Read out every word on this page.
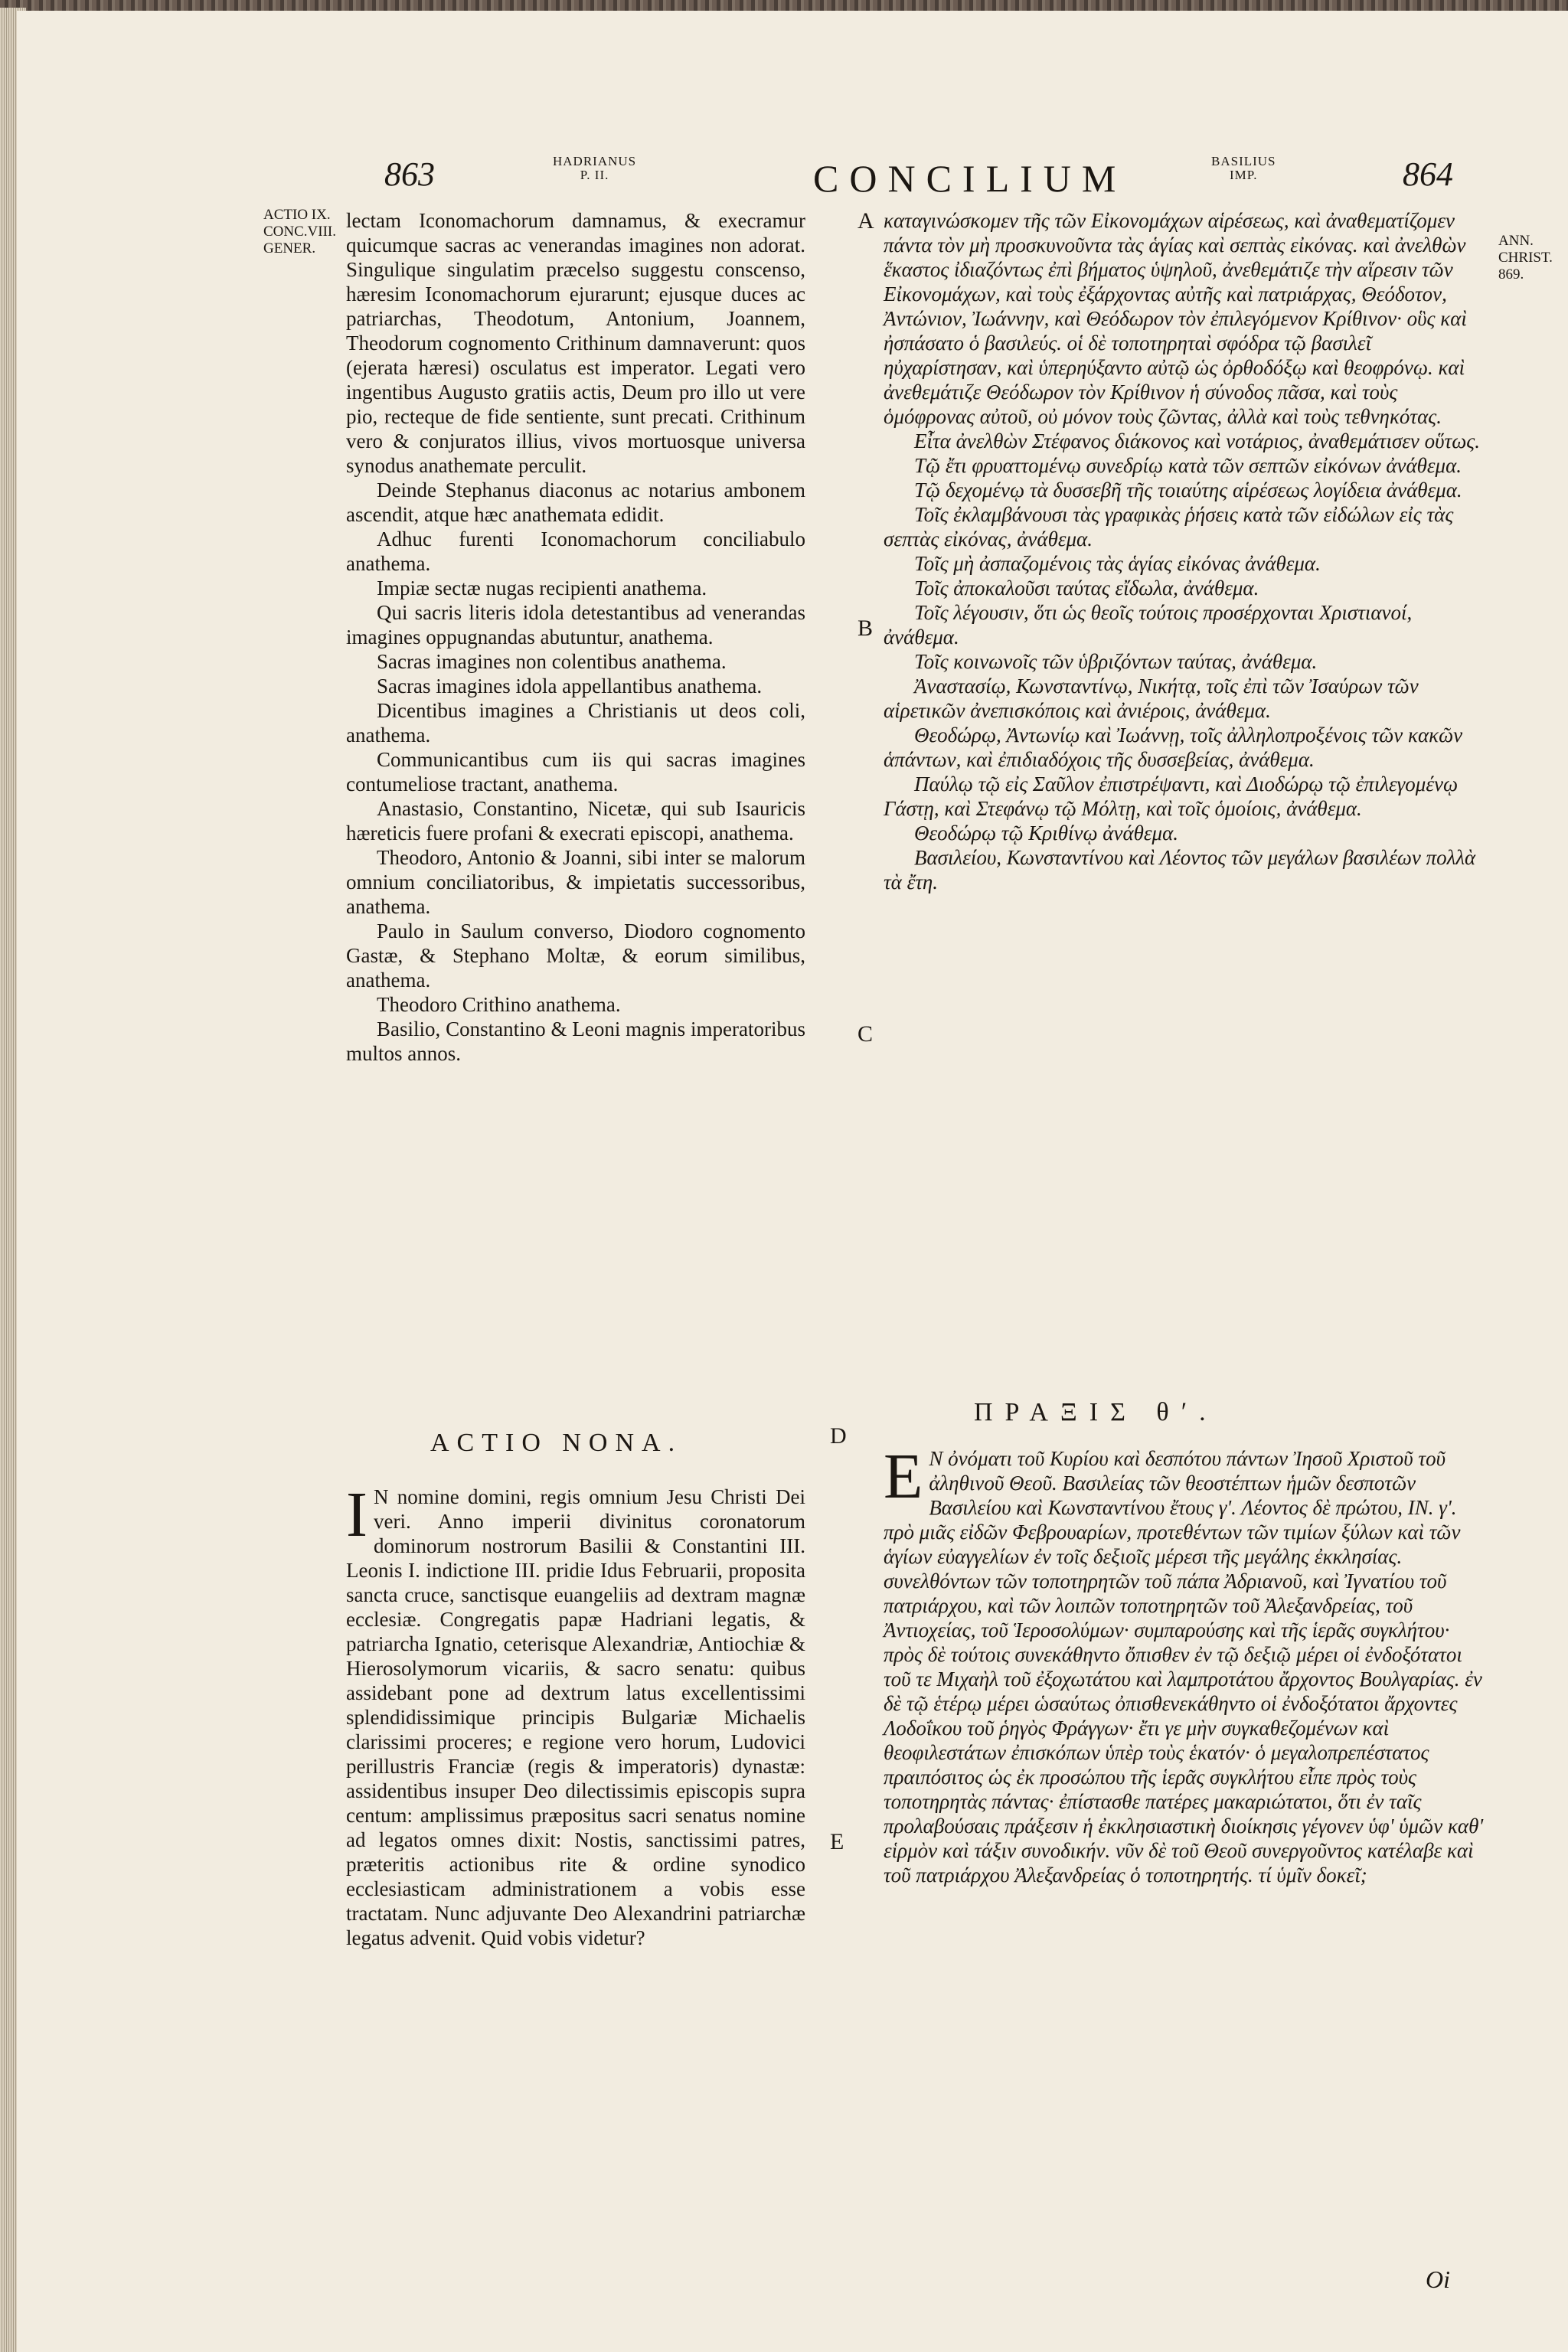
863	HADRIANUS
P. II.	CONCILIUM	BASILIUS
IMP.	864
ACTIO IX.
CONC.VIII.
GENER.	ANN.
CHRIST.
869.

lectam Iconomachorum damnamus, & execramur quicumque sacras ac venerandas imagines non adorat. Singulique singulatim præcelso suggestu conscenso, hæresim Iconomachorum ejurarunt; ejusque duces ac patriarchas, Theodotum, Antonium, Joannem, Theodorum cognomento Crithinum damnaverunt: quos (ejerata hæresi) osculatus est imperator. Legati vero ingentibus Augusto gratiis actis, Deum pro illo ut vere pio, recteque de fide sentiente, sunt precati. Crithinum vero & conjuratos illius, vivos mortuosque universa synodus anathemate perculit.

Deinde Stephanus diaconus ac notarius ambonem ascendit, atque hæc anathemata edidit.

Adhuc furenti Iconomachorum conciliabulo anathema.

Impiæ sectæ nugas recipienti anathema.

Qui sacris literis idola detestantibus ad venerandas imagines oppugnandas abutuntur, anathema.

Sacras imagines non colentibus anathema.

Sacras imagines idola appellantibus anathema.

Dicentibus imagines a Christianis ut deos coli, anathema.

Communicantibus cum iis qui sacras imagines contumeliose tractant, anathema.

Anastasio, Constantino, Nicetæ, qui sub Isauricis hæreticis fuere profani & execrati episcopi, anathema.

Theodoro, Antonio & Joanni, sibi inter se malorum omnium conciliatoribus, & impietatis successoribus, anathema.

Paulo in Saulum converso, Diodoro cognomento Gastæ, & Stephano Moltæ, & eorum similibus, anathema.

Theodoro Crithino anathema.

Basilio, Constantino & Leoni magnis imperatoribus multos annos.

καταγινώσκομεν τῆς τῶν Εἰκονομάχων αἱρέσεως, καὶ ἀναθεματίζομεν πάντα τὸν μὴ προσκυνοῦντα τὰς ἁγίας καὶ σεπτὰς εἰκόνας. καὶ ἀνελθὼν ἕκαστος ἰδιαζόντως ἐπὶ βήματος ὑψηλοῦ, ἀνεθεμάτιζε τὴν αἵρεσιν τῶν Εἰκονομάχων, καὶ τοὺς ἐξάρχοντας αὐτῆς καὶ πατριάρχας, Θεόδοτον, Ἀντώνιον, Ἰωάννην, καὶ Θεόδωρον τὸν ἐπιλεγόμενον Κρίθινον· οὓς καὶ ἠσπάσατο ὁ βασιλεύς. οἱ δὲ τοποτηρηταὶ σφόδρα τῷ βασιλεῖ ηὐχαρίστησαν, καὶ ὑπερηύξαντο αὐτῷ ὡς ὀρθοδόξῳ καὶ θεοφρόνῳ. καὶ ἀνεθεμάτιζε Θεόδωρον τὸν Κρίθινον ἡ σύνοδος πᾶσα, καὶ τοὺς ὁμόφρονας αὐτοῦ, οὐ μόνον τοὺς ζῶντας, ἀλλὰ καὶ τοὺς τεθνηκότας.

Εἶτα ἀνελθὼν Στέφανος διάκονος καὶ νοτάριος, ἀναθεμάτισεν οὕτως.

Τῷ ἔτι φρυαττομένῳ συνεδρίῳ κατὰ τῶν σεπτῶν εἰκόνων ἀνάθεμα.

Τῷ δεχομένῳ τὰ δυσσεβῆ τῆς τοιαύτης αἱρέσεως λογίδεια ἀνάθεμα.

Τοῖς ἐκλαμβάνουσι τὰς γραφικὰς ῥήσεις κατὰ τῶν εἰδώλων εἰς τὰς σεπτὰς εἰκόνας, ἀνάθεμα.

Τοῖς μὴ ἀσπαζομένοις τὰς ἁγίας εἰκόνας ἀνάθεμα.

Τοῖς ἀποκαλοῦσι ταύτας εἴδωλα, ἀνάθεμα.

Τοῖς λέγουσιν, ὅτι ὡς θεοῖς τούτοις προσέρχονται Χριστιανοί, ἀνάθεμα.

Τοῖς κοινωνοῖς τῶν ὑβριζόντων ταύτας, ἀνάθεμα.

Ἀναστασίῳ, Κωνσταντίνῳ, Νικήτᾳ, τοῖς ἐπὶ τῶν Ἰσαύρων τῶν αἱρετικῶν ἀνεπισκόποις καὶ ἀνιέροις, ἀνάθεμα.

Θεοδώρῳ, Ἀντωνίῳ καὶ Ἰωάννῃ, τοῖς ἀλληλοπροξένοις τῶν κακῶν ἁπάντων, καὶ ἐπιδιαδόχοις τῆς δυσσεβείας, ἀνάθεμα.

Παύλῳ τῷ εἰς Σαῦλον ἐπιστρέψαντι, καὶ Διοδώρῳ τῷ ἐπιλεγομένῳ Γάστῃ, καὶ Στεφάνῳ τῷ Μόλτῃ, καὶ τοῖς ὁμοίοις, ἀνάθεμα.

Θεοδώρῳ τῷ Κριθίνῳ ἀνάθεμα.

Βασιλείου, Κωνσταντίνου καὶ Λέοντος τῶν μεγάλων βασιλέων πολλὰ τὰ ἔτη.

A
B
C
D
E
ACTIO NONA.
ΠΡΑΞΙΣ θʹ.
I N nomine domini, regis omnium Jesu Christi Dei veri. Anno imperii divinitus coronatorum dominorum nostrorum Basilii & Constantini III. Leonis I. indictione III. pridie Idus Februarii, proposita sancta cruce, sanctisque euangeliis ad dextram magnæ ecclesiæ. Congregatis papæ Hadriani legatis, & patriarcha Ignatio, ceterisque Alexandriæ, Antiochiæ & Hierosolymorum vicariis, & sacro senatu: quibus assidebant pone ad dextrum latus excellentissimi splendidissimique principis Bulgariæ Michaelis clarissimi proceres; e regione vero horum, Ludovici perillustris Franciæ (regis & imperatoris) dynastæ: assidentibus insuper Deo dilectissimis episcopis supra centum: amplissimus præpositus sacri senatus nomine ad legatos omnes dixit: Nostis, sanctissimi patres, præteritis actionibus rite & ordine synodico ecclesiasticam administrationem a vobis esse tractatam. Nunc adjuvante Deo Alexandrini patriarchæ legatus advenit. Quid vobis videtur?
Ε Ν ὀνόματι τοῦ Κυρίου καὶ δεσπότου πάντων Ἰησοῦ Χριστοῦ τοῦ ἀληθινοῦ Θεοῦ. Βασιλείας τῶν θεοστέπτων ἡμῶν δεσποτῶν Βασιλείου καὶ Κωνσταντίνου ἔτους γʹ. Λέοντος δὲ πρώτου, ΙΝ. γʹ. πρὸ μιᾶς εἰδῶν Φεβρουαρίων, προτεθέντων τῶν τιμίων ξύλων καὶ τῶν ἁγίων εὐαγγελίων ἐν τοῖς δεξιοῖς μέρεσι τῆς μεγάλης ἐκκλησίας. συνελθόντων τῶν τοποτηρητῶν τοῦ πάπα Ἀδριανοῦ, καὶ Ἰγνατίου τοῦ πατριάρχου, καὶ τῶν λοιπῶν τοποτηρητῶν τοῦ Ἀλεξανδρείας, τοῦ Ἀντιοχείας, τοῦ Ἱεροσολύμων· συμπαρούσης καὶ τῆς ἱερᾶς συγκλήτου· πρὸς δὲ τούτοις συνεκάθηντο ὄπισθεν ἐν τῷ δεξιῷ μέρει οἱ ἐνδοξότατοι τοῦ τε Μιχαὴλ τοῦ ἐξοχωτάτου καὶ λαμπροτάτου ἄρχοντος Βουλγαρίας. ἐν δὲ τῷ ἑτέρῳ μέρει ὡσαύτως ὀπισθενεκάθηντο οἱ ἐνδοξότατοι ἄρχοντες Λοδοΐκου τοῦ ῥηγὸς Φράγγων· ἔτι γε μὴν συγκαθεζομένων καὶ θεοφιλεστάτων ἐπισκόπων ὑπὲρ τοὺς ἑκατόν· ὁ μεγαλοπρεπέστατος πραιπόσιτος ὡς ἐκ προσώπου τῆς ἱερᾶς συγκλήτου εἶπε πρὸς τοὺς τοποτηρητὰς πάντας· ἐπίστασθε πατέρες μακαριώτατοι, ὅτι ἐν ταῖς προλαβούσαις πράξεσιν ἡ ἐκκλησιαστικὴ διοίκησις γέγονεν ὑφ' ὑμῶν καθ' εἱρμὸν καὶ τάξιν συνοδικήν. νῦν δὲ τοῦ Θεοῦ συνεργοῦντος κατέλαβε καὶ τοῦ πατριάρχου Ἀλεξανδρείας ὁ τοποτηρητής. τί ὑμῖν δοκεῖ;
Oi
